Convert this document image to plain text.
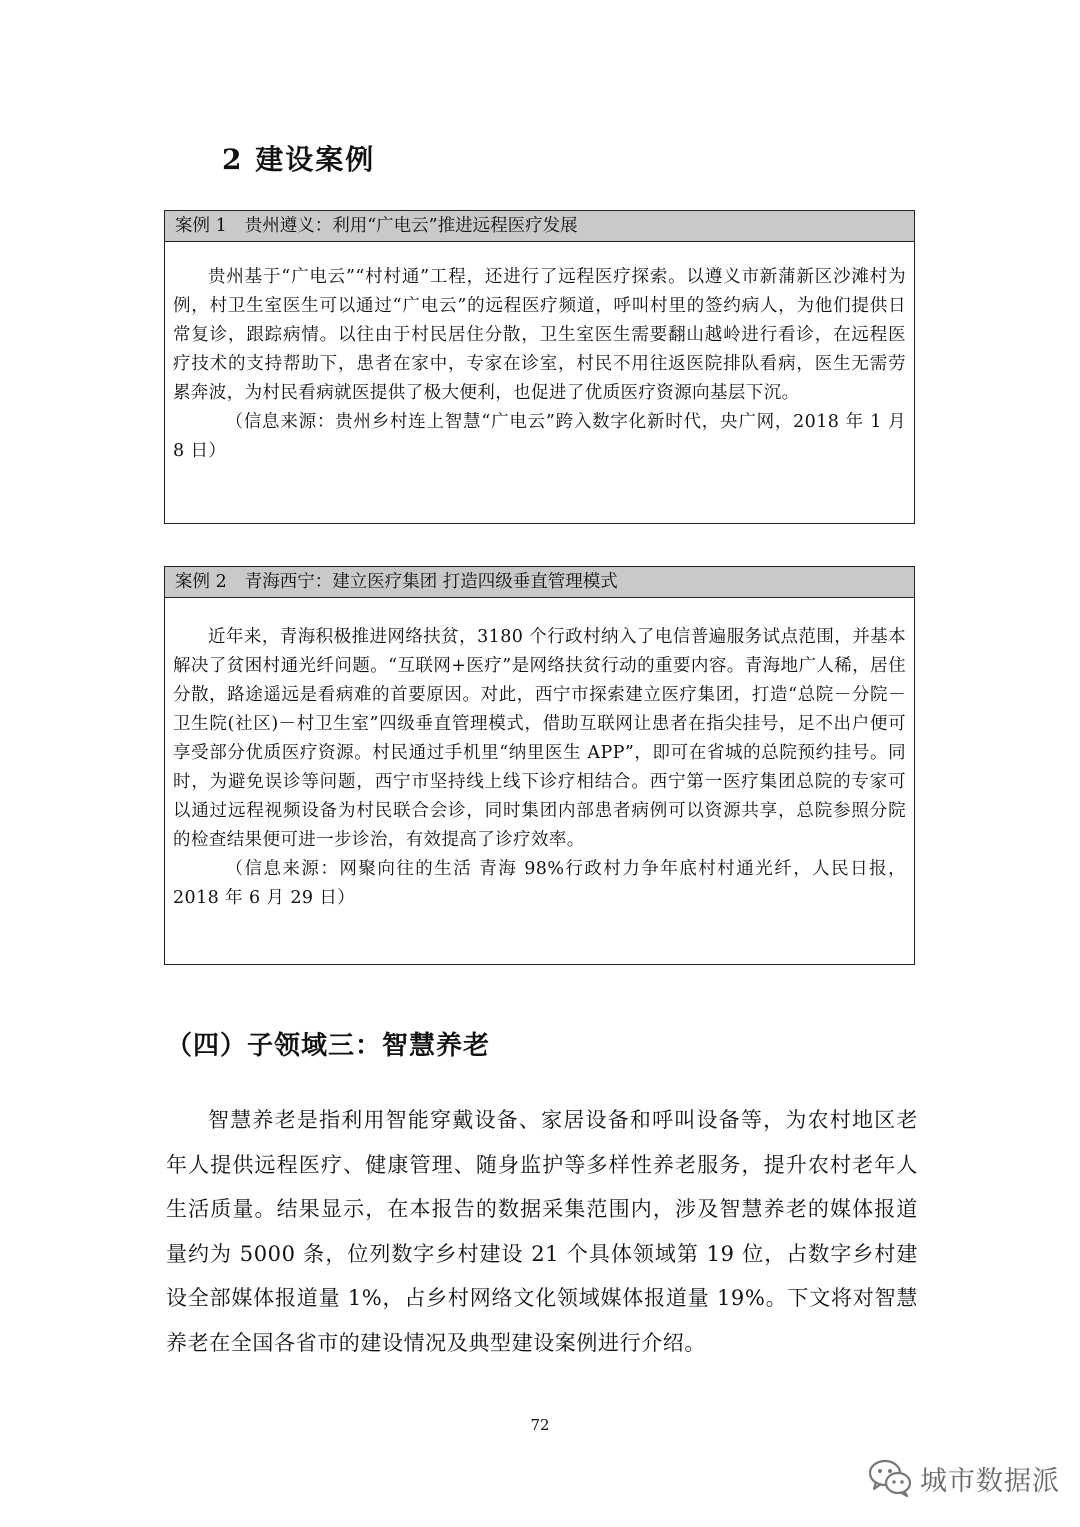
2 建设案例
案例 1 贵州遵义：利用“广电云”推进远程医疗发展

贵州基于“广电云”“村村通”工程，还进行了远程医疗探索。以遵义市新蒲新区沙滩村为例，村卫生室医生可以通过“广电云”的远程医疗频道，呼叫村里的签约病人，为他们提供日常复诊，跟踪病情。以往由于村民居住分散，卫生室医生需要翻山越岭进行看诊，在远程医疗技术的支持帮助下，患者在家中，专家在诊室，村民不用往返医院排队看病，医生无需劳累奔波，为村民看病就医提供了极大便利，也促进了优质医疗资源向基层下沉。

（信息来源：贵州乡村连上智慧“广电云”跨入数字化新时代，央广网，2018 年 1 月 8 日）

案例 2 青海西宁：建立医疗集团 打造四级垂直管理模式

近年来，青海积极推进网络扶贫，3180 个行政村纳入了电信普遍服务试点范围，并基本解决了贫困村通光纤问题。“互联网+医疗”是网络扶贫行动的重要内容。青海地广人稀，居住分散，路途遥远是看病难的首要原因。对此，西宁市探索建立医疗集团，打造“总院－分院－卫生院(社区)－村卫生室”四级垂直管理模式，借助互联网让患者在指尖挂号，足不出户便可享受部分优质医疗资源。村民通过手机里“纳里医生 APP”，即可在省城的总院预约挂号。同时，为避免误诊等问题，西宁市坚持线上线下诊疗相结合。西宁第一医疗集团总院的专家可以通过远程视频设备为村民联合会诊，同时集团内部患者病例可以资源共享，总院参照分院的检查结果便可进一步诊治，有效提高了诊疗效率。

（信息来源：网聚向往的生活 青海 98%行政村力争年底村村通光纤，人民日报，2018 年 6 月 29 日）

（四）子领域三：智慧养老

智慧养老是指利用智能穿戴设备、家居设备和呼叫设备等，为农村地区老年人提供远程医疗、健康管理、随身监护等多样性养老服务，提升农村老年人生活质量。结果显示，在本报告的数据采集范围内，涉及智慧养老的媒体报道量约为 5000 条，位列数字乡村建设 21 个具体领域第 19 位，占数字乡村建设全部媒体报道量 1%，占乡村网络文化领域媒体报道量 19%。下文将对智慧养老在全国各省市的建设情况及典型建设案例进行介绍。

72
城市数据派
